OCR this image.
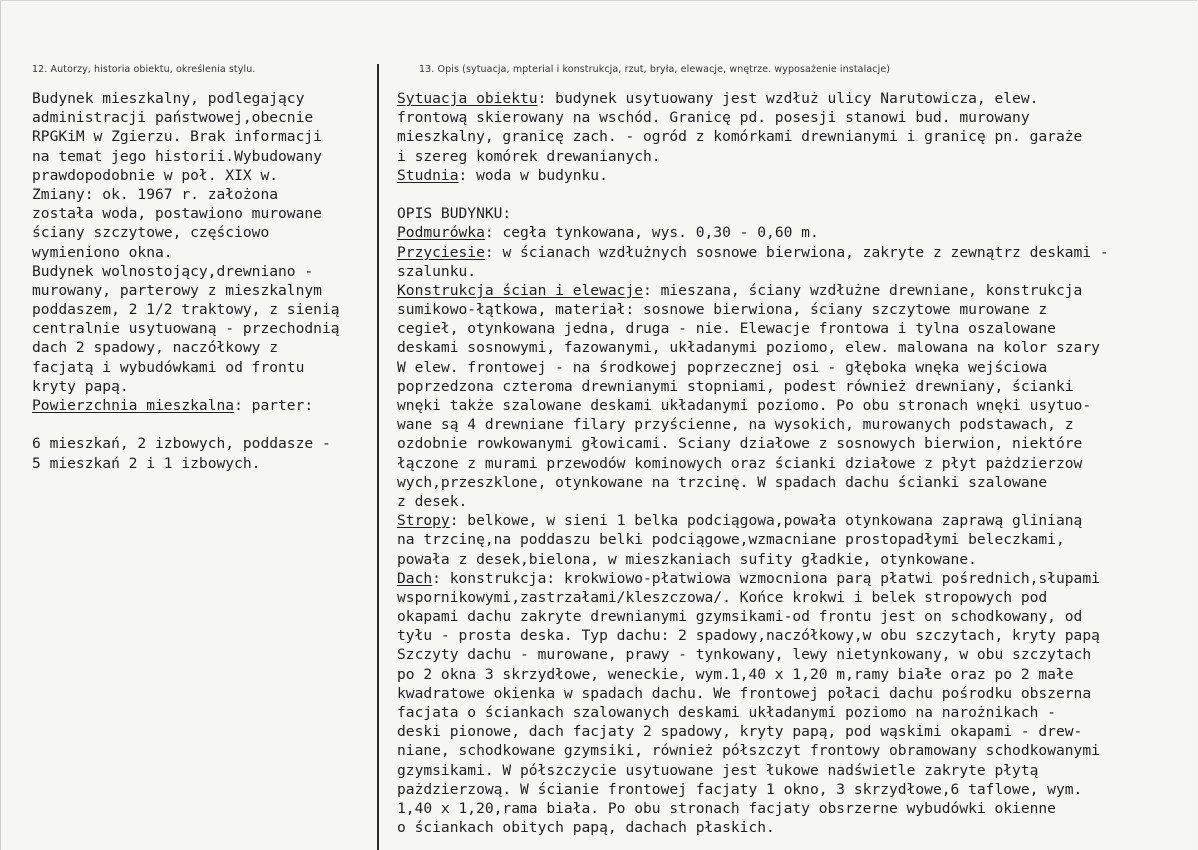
12. Autorzy, historia obiektu, określenia stylu.	13. Opis (sytuacja, mpterial i konstrukcja, rzut, bryła, elewacje, wnętrze. wyposażenie instalacje)
Budynek mieszkalny, podlegający
administracji państwowej,obecnie
RPGKiM w Zgierzu. Brak informacji
na temat jego historii.Wybudowany
prawdopodobnie w poł. XIX w.
Zmiany: ok. 1967 r. założona
została woda, postawiono murowane
ściany szczytowe, częściowo
wymieniono okna.
Budynek wolnostojący,drewniano -
murowany, parterowy z mieszkalnym
poddaszem, 2 1/2 traktowy, z sienią
centralnie usytuowaną - przechodnią
dach 2 spadowy, naczółkowy z
facjatą i wybudówkami od frontu
kryty papą.
Powierzchnia mieszkalna: parter:
6 mieszkań, 2 izbowych, poddasze -
5 mieszkań 2 i 1 izbowych.
Sytuacja obiektu: budynek usytuowany jest wzdłuż ulicy Narutowicza, elew.
frontową skierowany na wschód. Granicę pd. posesji stanowi bud. murowany
mieszkalny, granicę zach. - ogród z komórkami drewnianymi i granicę pn. garaże
i szereg komórek drewanianych.
Studnia: woda w budynku.
OPIS BUDYNKU:
Podmurówka: cegła tynkowana, wys. 0,30 - 0,60 m.
Przyciesie: w ścianach wzdłużnych sosnowe bierwiona, zakryte z zewnątrz deskami -
szalunku.
Konstrukcja ścian i elewacje: mieszana, ściany wzdłużne drewniane, konstrukcja
sumikowo-łątkowa, materiał: sosnowe bierwiona, ściany szczytowe murowane z
cegieł, otynkowana jedna, druga - nie. Elewacje frontowa i tylna oszalowane
deskami sosnowymi, fazowanymi, układanymi poziomo, elew. malowana na kolor szary
W elew. frontowej - na środkowej poprzecznej osi - głęboka wnęka wejściowa
poprzedzona czteroma drewnianymi stopniami, podest również drewniany, ścianki
wnęki także szalowane deskami układanymi poziomo. Po obu stronach wnęki usytuo-
wane są 4 drewniane filary przyścienne, na wysokich, murowanych podstawach, z
ozdobnie rowkowanymi głowicami. Sciany działowe z sosnowych bierwion, niektóre
łączone z murami przewodów kominowych oraz ścianki działowe z płyt pażdzierzow
wych,przeszklone, otynkowane na trzcinę. W spadach dachu ścianki szalowane
z desek.
Stropy: belkowe, w sieni 1 belka podciągowa,powała otynkowana zaprawą glinianą
na trzcinę,na poddaszu belki podciągowe,wzmacniane prostopadłymi beleczkami,
powała z desek,bielona, w mieszkaniach sufity gładkie, otynkowane.
Dach: konstrukcja: krokwiowo-płatwiowa wzmocniona parą płatwi pośrednich,słupami
wspornikowymi,zastrzałami/kleszczowa/. Końce krokwi i belek stropowych pod
okapami dachu zakryte drewnianymi gzymsikami-od frontu jest on schodkowany, od
tyłu - prosta deska. Typ dachu: 2 spadowy,naczółkowy,w obu szczytach, kryty papą
Szczyty dachu - murowane, prawy - tynkowany, lewy nietynkowany, w obu szczytach
po 2 okna 3 skrzydłowe, weneckie, wym.1,40 x 1,20 m,ramy białe oraz po 2 małe
kwadratowe okienka w spadach dachu. We frontowej połaci dachu pośrodku obszerna
facjata o ściankach szalowanych deskami układanymi poziomo na narożnikach -
deski pionowe, dach facjaty 2 spadowy, kryty papą, pod wąskimi okapami - drew-
niane, schodkowane gzymsiki, również półszczyt frontowy obramowany schodkowanymi
gzymsikami. W półszczycie usytuowane jest łukowe nadświetle zakryte płytą
pażdzierzową. W ścianie frontowej facjaty 1 okno, 3 skrzydłowe,6 taflowe, wym.
1,40 x 1,20,rama biała. Po obu stronach facjaty obsrzerne wybudówki okienne
o ściankach obitych papą, dachach płaskich.
